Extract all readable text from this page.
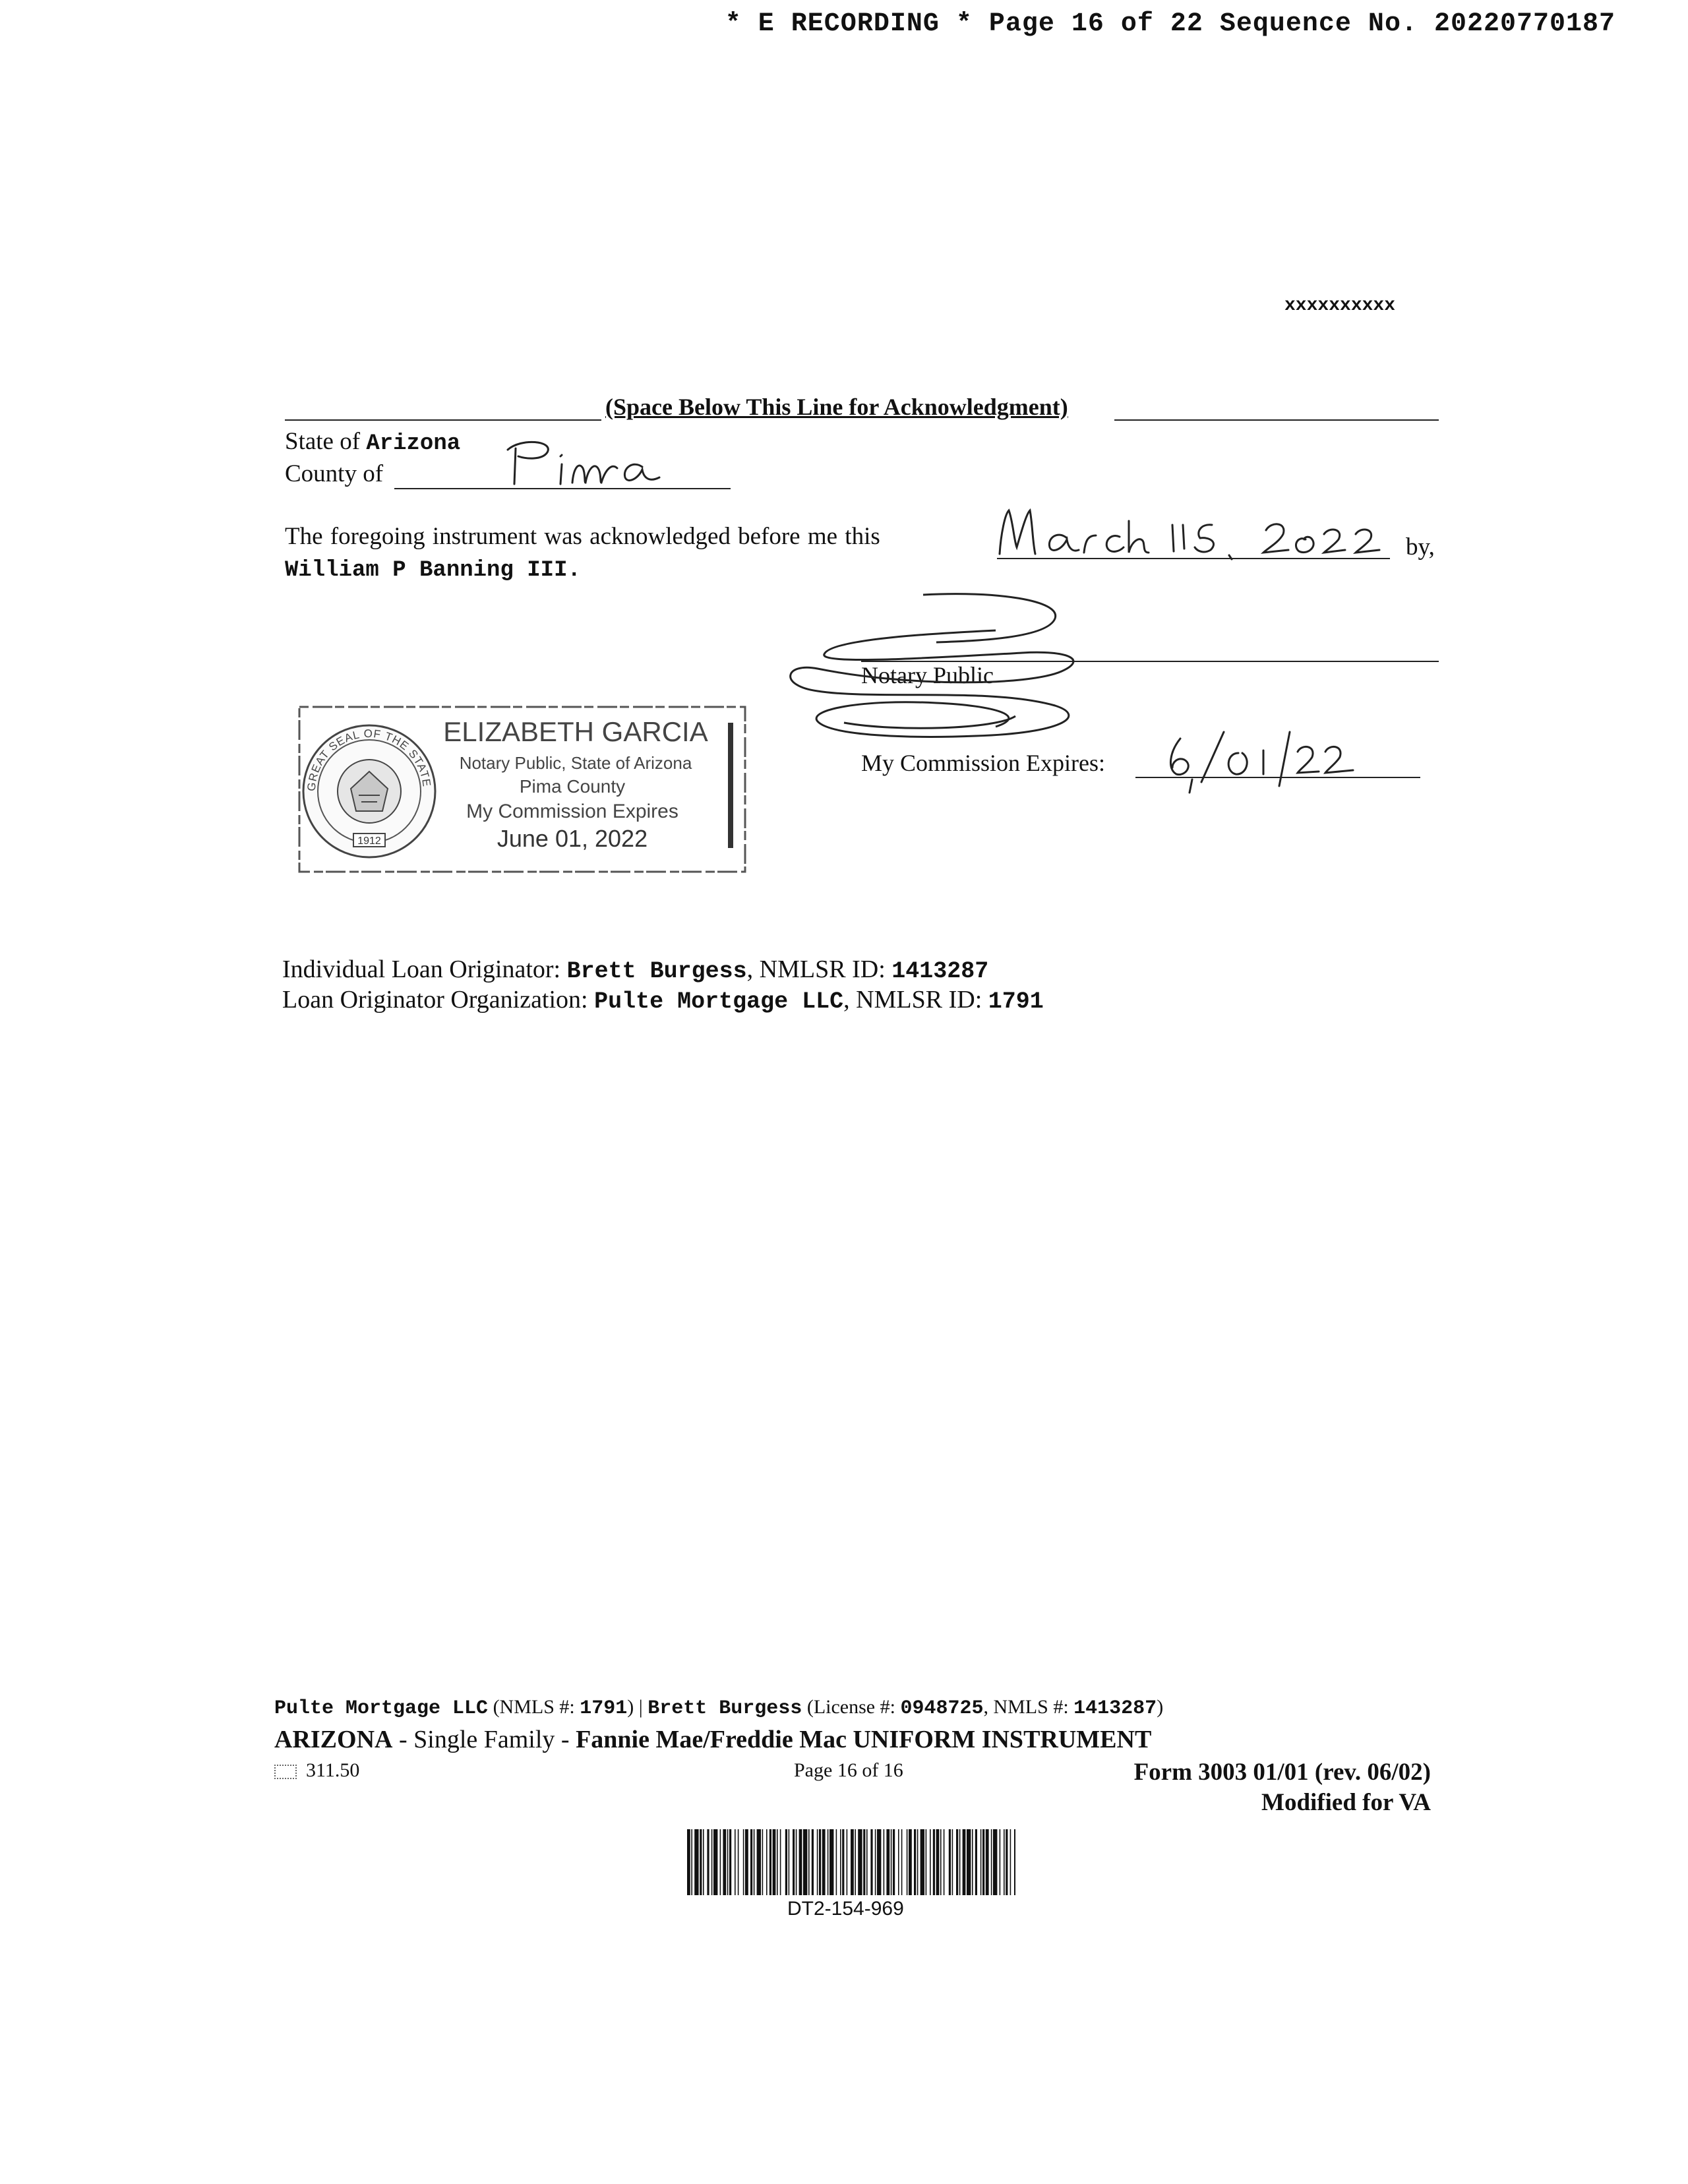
* E RECORDING * Page 16 of 22 Sequence No. 20220770187
xxxxxxxxxx
(Space Below This Line for Acknowledgment)
State of Arizona
County of
The foregoing instrument was acknowledged before me this	by,
William P Banning III.
Notary Public
My Commission Expires:
GREAT SEAL OF THE STATE
1912
ELIZABETH GARCIA
Notary Public, State of Arizona
Pima County
My Commission Expires
June 01, 2022
Individual Loan Originator: Brett Burgess, NMLSR ID: 1413287
Loan Originator Organization: Pulte Mortgage LLC, NMLSR ID: 1791
Pulte Mortgage LLC (NMLS #: 1791) | Brett Burgess (License #: 0948725, NMLS #: 1413287)
ARIZONA - Single Family - Fannie Mae/Freddie Mac UNIFORM INSTRUMENT
311.50	Page 16 of 16	Form 3003 01/01 (rev. 06/02)
Modified for VA
DT2-154-969
